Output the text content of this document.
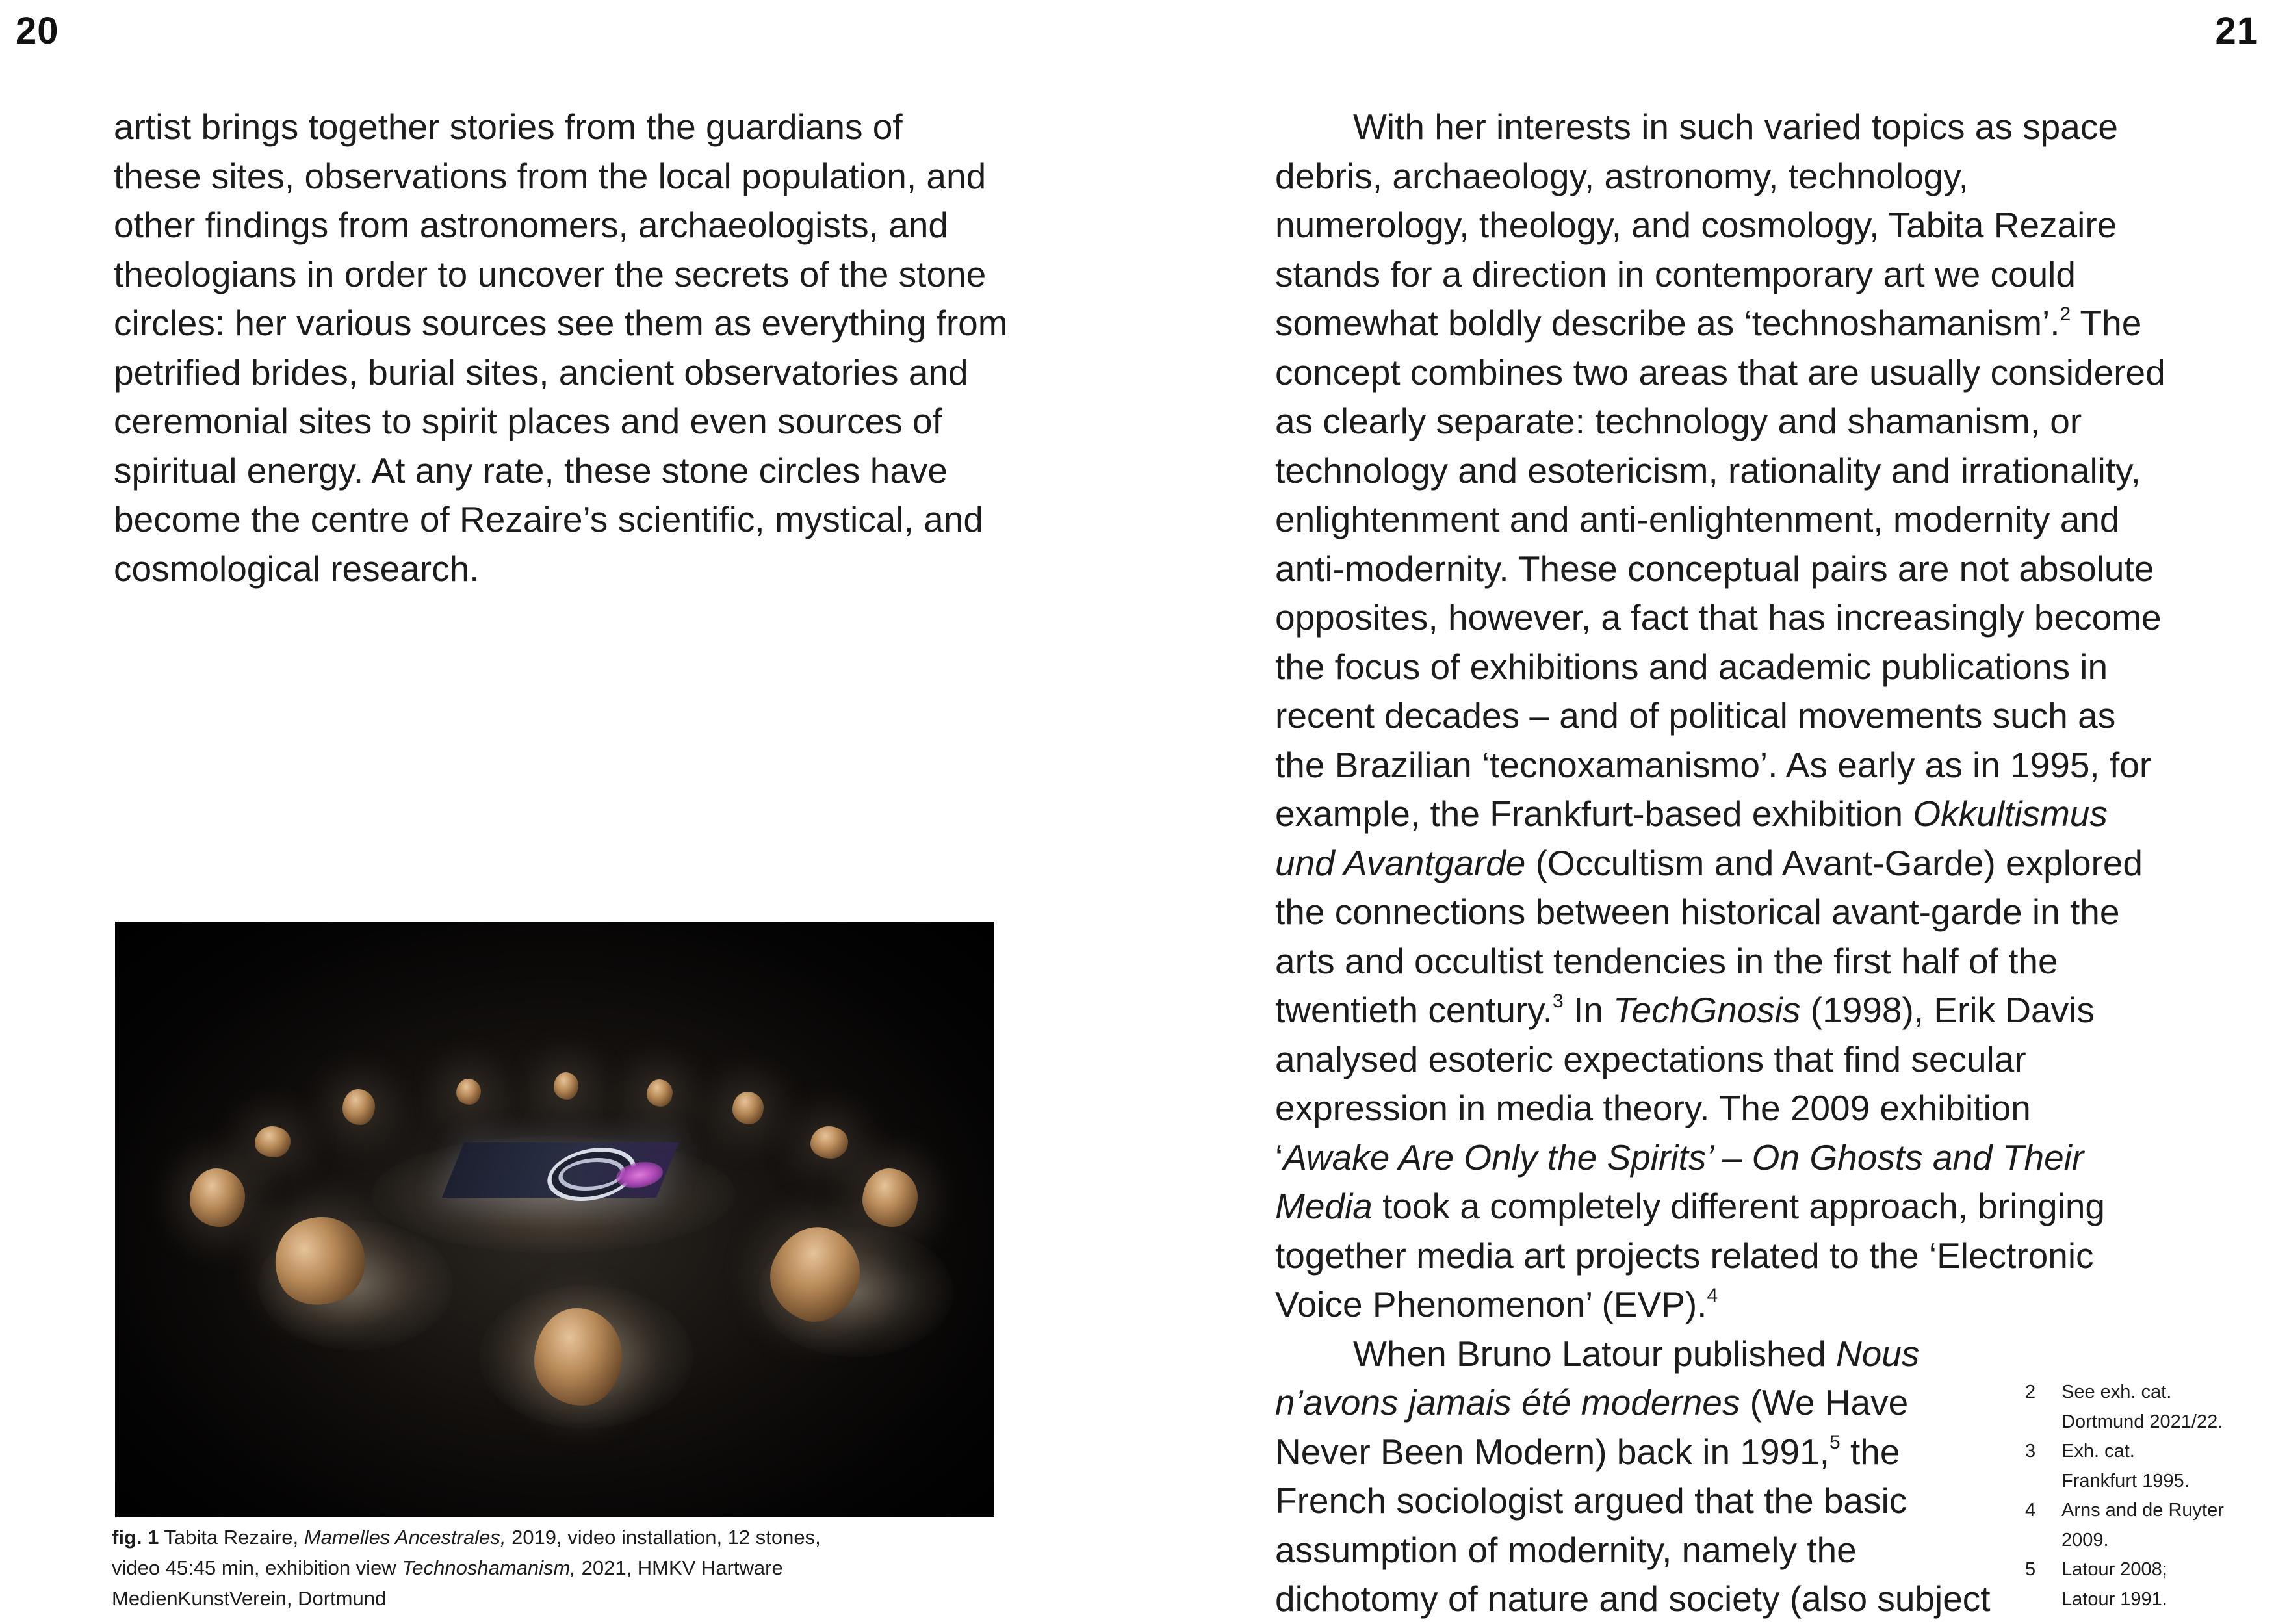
20	21
artist brings together stories from the guardians of
these sites, observations from the local population, and
other findings from astronomers, archaeologists, and
theologians in order to uncover the secrets of the stone
circles: her various sources see them as everything from
petrified brides, burial sites, ancient observatories and
ceremonial sites to spirit places and even sources of
spiritual energy. At any rate, these stone circles have
become the centre of Rezaire’s scientific, mystical, and
cosmological research.
fig. 1 Tabita Rezaire, Mamelles Ancestrales, 2019, video installation, 12 stones,
video 45:45 min, exhibition view Technoshamanism, 2021, HMKV Hartware
MedienKunstVerein, Dortmund
With her interests in such varied topics as space
debris, archaeology, astronomy, technology,
numerology, theology, and cosmology, Tabita Rezaire
stands for a direction in contemporary art we could
somewhat boldly describe as ‘technoshamanism’.$^2$ The
concept combines two areas that are usually considered
as clearly separate: technology and shamanism, or
technology and esotericism, rationality and irrationality,
enlightenment and anti-enlightenment, modernity and
anti-modernity. These conceptual pairs are not absolute
opposites, however, a fact that has increasingly become
the focus of exhibitions and academic publications in
recent decades – and of political movements such as
the Brazilian ‘tecnoxamanismo’. As early as in 1995, for
example, the Frankfurt-based exhibition Okkultismus
und Avantgarde (Occultism and Avant-Garde) explored
the connections between historical avant-garde in the
arts and occultist tendencies in the first half of the
twentieth century.$^3$ In TechGnosis (1998), Erik Davis
analysed esoteric expectations that find secular
expression in media theory. The 2009 exhibition
‘Awake Are Only the Spirits’ – On Ghosts and Their
Media took a completely different approach, bringing
together media art projects related to the ‘Electronic
Voice Phenomenon’ (EVP).$^4$
When Bruno Latour published Nous
n’avons jamais été modernes (We Have
Never Been Modern) back in 1991,$^5$ the
French sociologist argued that the basic
assumption of modernity, namely the
dichotomy of nature and society (also subject
2	See exh. cat.
Dortmund 2021/22.
3	Exh. cat.
Frankfurt 1995.
4	Arns and de Ruyter
2009.
5	Latour 2008;
Latour 1991.
